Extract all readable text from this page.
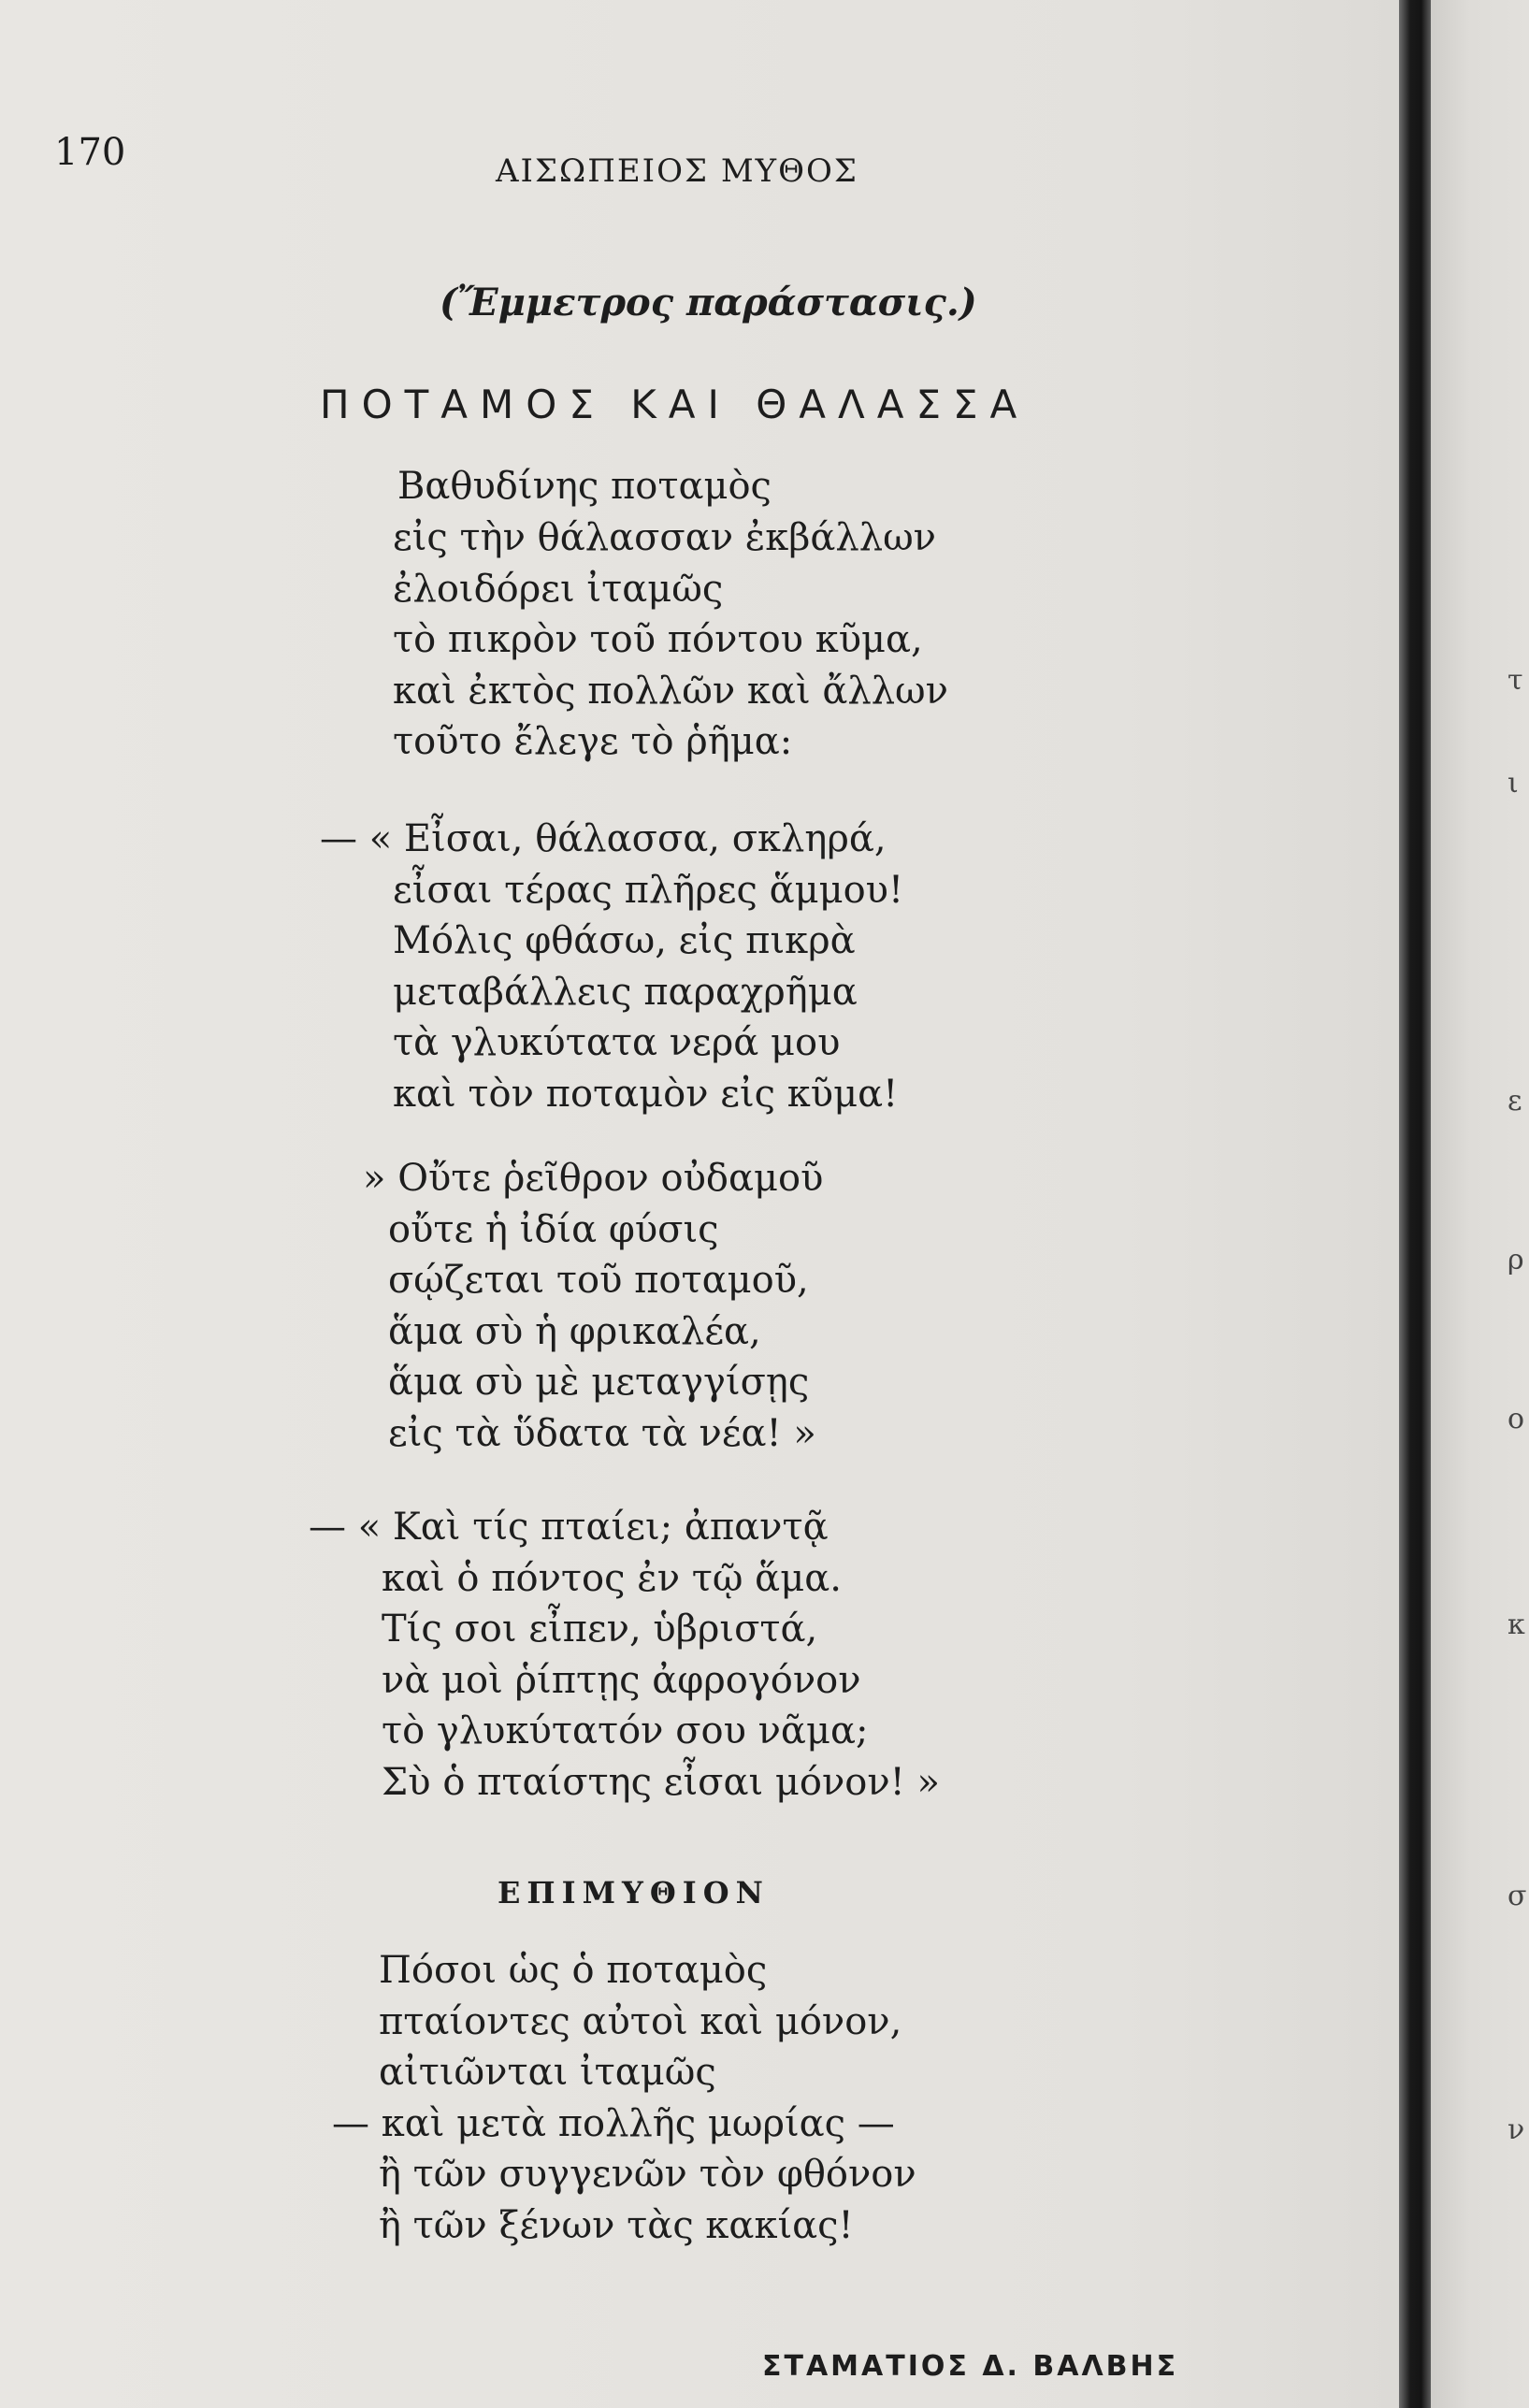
170	ΑΙΣΩΠΕΙΟΣ ΜΥΘΟΣ
(Ἔμμετρος παράστασις.)
ΠΟΤΑΜΟΣ ΚΑΙ ΘΑΛΑΣΣΑ
Βαθυδίνης ποταμὸς
εἰς τὴν θάλασσαν ἐκβάλλων
ἐλοιδόρει ἰταμῶς
τὸ πικρὸν τοῦ πόντου κῦμα,
καὶ ἐκτὸς πολλῶν καὶ ἄλλων
τοῦτο ἔλεγε τὸ ῥῆμα:
— « Εἶσαι, θάλασσα, σκληρά,
εἶσαι τέρας πλῆρες ἅμμου!
Μόλις φθάσω, εἰς πικρὰ
μεταβάλλεις παραχρῆμα
τὰ γλυκύτατα νερά μου
καὶ τὸν ποταμὸν εἰς κῦμα!
» Οὔτε ῥεῖθρον οὐδαμοῦ
οὔτε ἡ ἰδία φύσις
σῴζεται τοῦ ποταμοῦ,
ἅμα σὺ ἡ φρικαλέα,
ἅμα σὺ μὲ μεταγγίσῃς
εἰς τὰ ὕδατα τὰ νέα! »
— « Καὶ τίς πταίει; ἀπαντᾷ
καὶ ὁ πόντος ἐν τῷ ἅμα.
Τίς σοι εἶπεν, ὑβριστά,
νὰ μοὶ ῥίπτῃς ἀφρογόνον
τὸ γλυκύτατόν σου νᾶμα;
Σὺ ὁ πταίστης εἶσαι μόνον! »
ΕΠΙΜΥΘΙΟΝ
Πόσοι ὡς ὁ ποταμὸς
πταίοντες αὐτοὶ καὶ μόνον,
αἰτιῶνται ἰταμῶς
— καὶ μετὰ πολλῆς μωρίας —
ἢ τῶν συγγενῶν τὸν φθόνον
ἢ τῶν ξένων τὰς κακίας!
ΣΤΑΜΑΤΙΟΣ Δ. ΒΑΛΒΗΣ
τ
ι
ε
ρ
ο
κ
σ
ν
